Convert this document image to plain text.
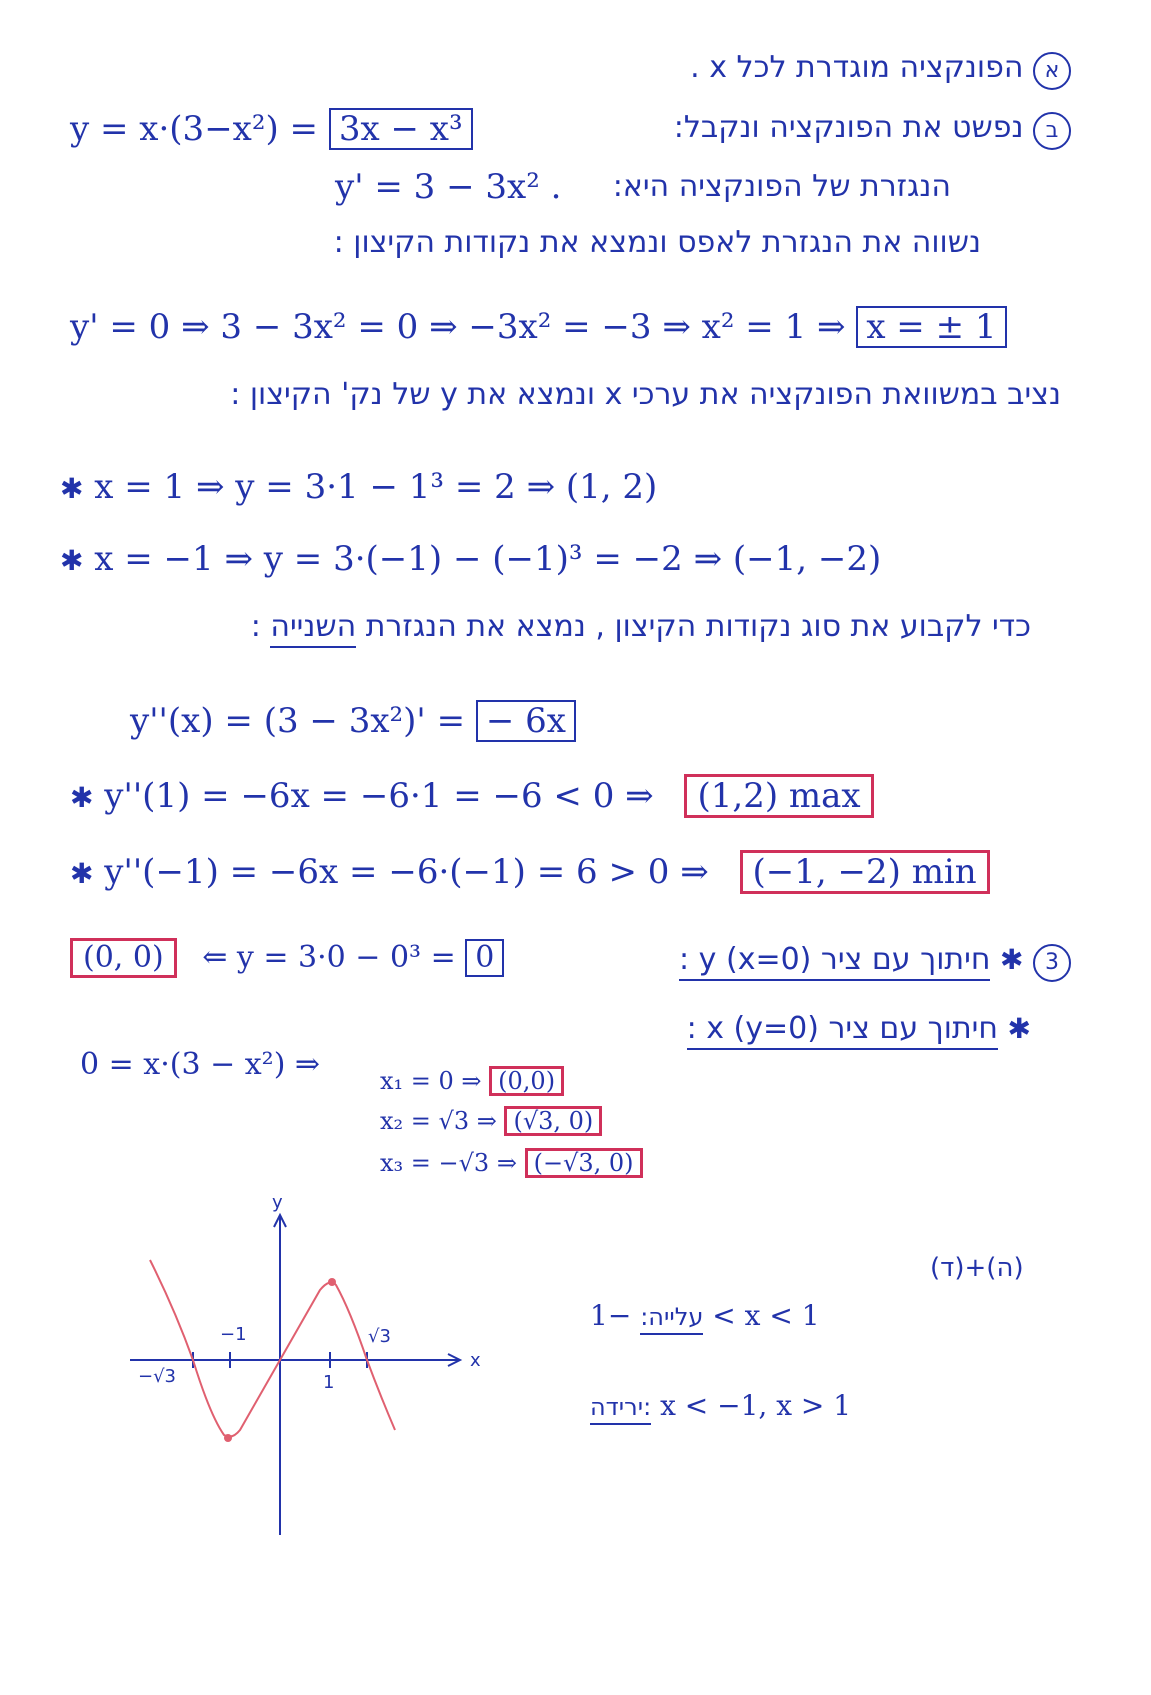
א הפונקציה מוגדרת לכל x .
y = x·(3−x²) = 3x − x³	ב נפשט את הפונקציה ונקבל:
y' = 3 − 3x² . הנגזרת של הפונקציה היא:
נשווה את הנגזרת לאפס ונמצא את נקודות הקיצון :
y' = 0 ⇒ 3 − 3x² = 0 ⇒ −3x² = −3 ⇒ x² = 1 ⇒ x = ± 1
נציב במשוואת הפונקציה את ערכי x ונמצא את y של נק' הקיצון :
✱ x = 1 ⇒ y = 3·1 − 1³ = 2 ⇒ (1, 2)
✱ x = −1 ⇒ y = 3·(−1) − (−1)³ = −2 ⇒ (−1, −2)
כדי לקבוע את סוג נקודות הקיצון , נמצא את הנגזרת השנייה :
y''(x) = (3 − 3x²)' = − 6x
✱ y''(1) = −6x = −6·1 = −6 < 0 ⇒ (1,2) max
✱ y''(−1) = −6x = −6·(−1) = 6 > 0 ⇒ (−1, −2) min
(0, 0) ⇐ y = 3·0 − 0³ = 0	3 ✱ חיתוך עם ציר y (x=0) :
✱ חיתוך עם ציר x (y=0) :
0 = x·(3 − x²) ⇒ x₁ = 0 ⇒ (0,0)
x₂ = √3 ⇒ (√3, 0)
x₃ = −√3 ⇒ (−√3, 0)
(ד)+(ה)
עלייה: −1 < x < 1
ירידה: x < −1, x > 1
x
y
−1
1
√3
−√3
